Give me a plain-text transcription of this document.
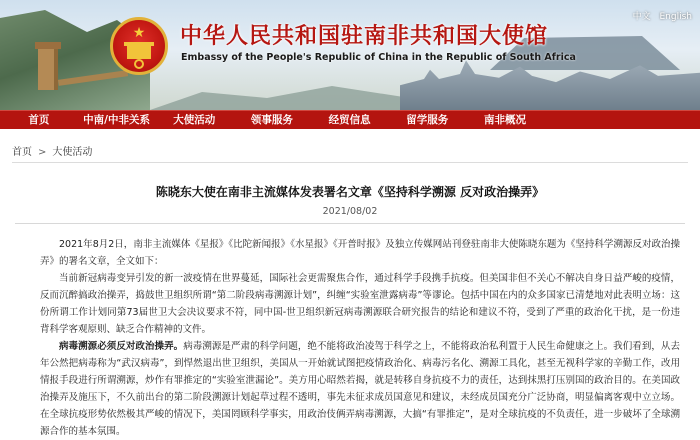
★ 中华人民共和国驻南非共和国大使馆
Embassy of the People's Republic of China in the Republic of South Africa
中文 English
首页	中南/中非关系	大使活动	领事服务	经贸信息	留学服务	南非概况
首页 > 大使活动
陈晓东大使在南非主流媒体发表署名文章《坚持科学溯源 反对政治操弄》
2021/08/02

2021年8月2日，南非主流媒体《星报》《比陀新闻报》《水星报》《开普时报》及独立传媒网站刊登驻南非大使陈晓东题为《坚持科学溯源反对政治操弄》的署名文章，全文如下：

当前新冠病毒变异引发的新一波疫情在世界蔓延，国际社会更需聚焦合作，通过科学手段携手抗疫。但美国非但不关心不解决自身日益严峻的疫情，反而沉醉搞政治操弄，捣鼓世卫组织所谓“第二阶段病毒溯源计划”，纠缠“实验室泄露病毒”等谬论。包括中国在内的众多国家已清楚地对此表明立场：这份所谓工作计划同第73届世卫大会决议要求不符，同中国-世卫组织新冠病毒溯源联合研究报告的结论和建议不符，受到了严重的政治化干扰，是一份违背科学客观原则、缺乏合作精神的文件。

病毒溯源必须反对政治操弄。病毒溯源是严肃的科学问题，绝不能将政治凌驾于科学之上，不能将政治私利置于人民生命健康之上。我们看到，从去年公然把病毒称为“武汉病毒”，到悍然退出世卫组织，美国从一开始就试图把疫情政治化、病毒污名化、溯源工具化，甚至无视科学家的辛勤工作，改用情报手段进行所谓溯源，炒作有罪推定的“实验室泄漏论”。美方用心昭然若揭，就是转移自身抗疫不力的责任，达到抹黑打压别国的政治目的。在美国政治操弄及施压下，不久前出台的第二阶段溯源计划起草过程不透明，事先未征求成员国意见和建议，未经成员国充分广泛协商，明显偏离客观中立立场。在全球抗疫形势依然极其严峻的情况下，美国罔顾科学事实，用政治伎俩弄病毒溯源，大搞“有罪推定”，是对全球抗疫的不负责任，进一步破坏了全球溯源合作的基本氛围。
